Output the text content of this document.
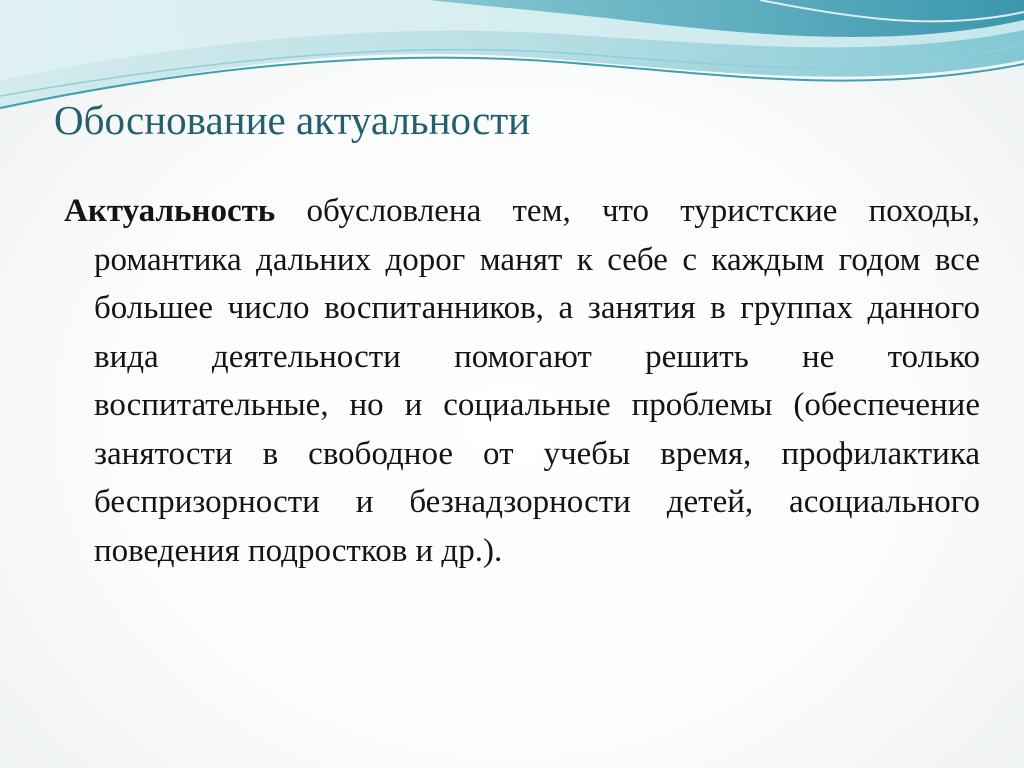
Обоснование актуальности

Актуальность обусловлена тем, что туристские походы, романтика дальних дорог манят к себе с каждым годом все большее число воспитанников, а занятия в группах данного вида деятельности помогают решить не только воспитательные, но и социальные проблемы (обеспечение занятости в свободное от учебы время, профилактика беспризорности и безнадзорности детей, асоциального поведения подростков и др.).
